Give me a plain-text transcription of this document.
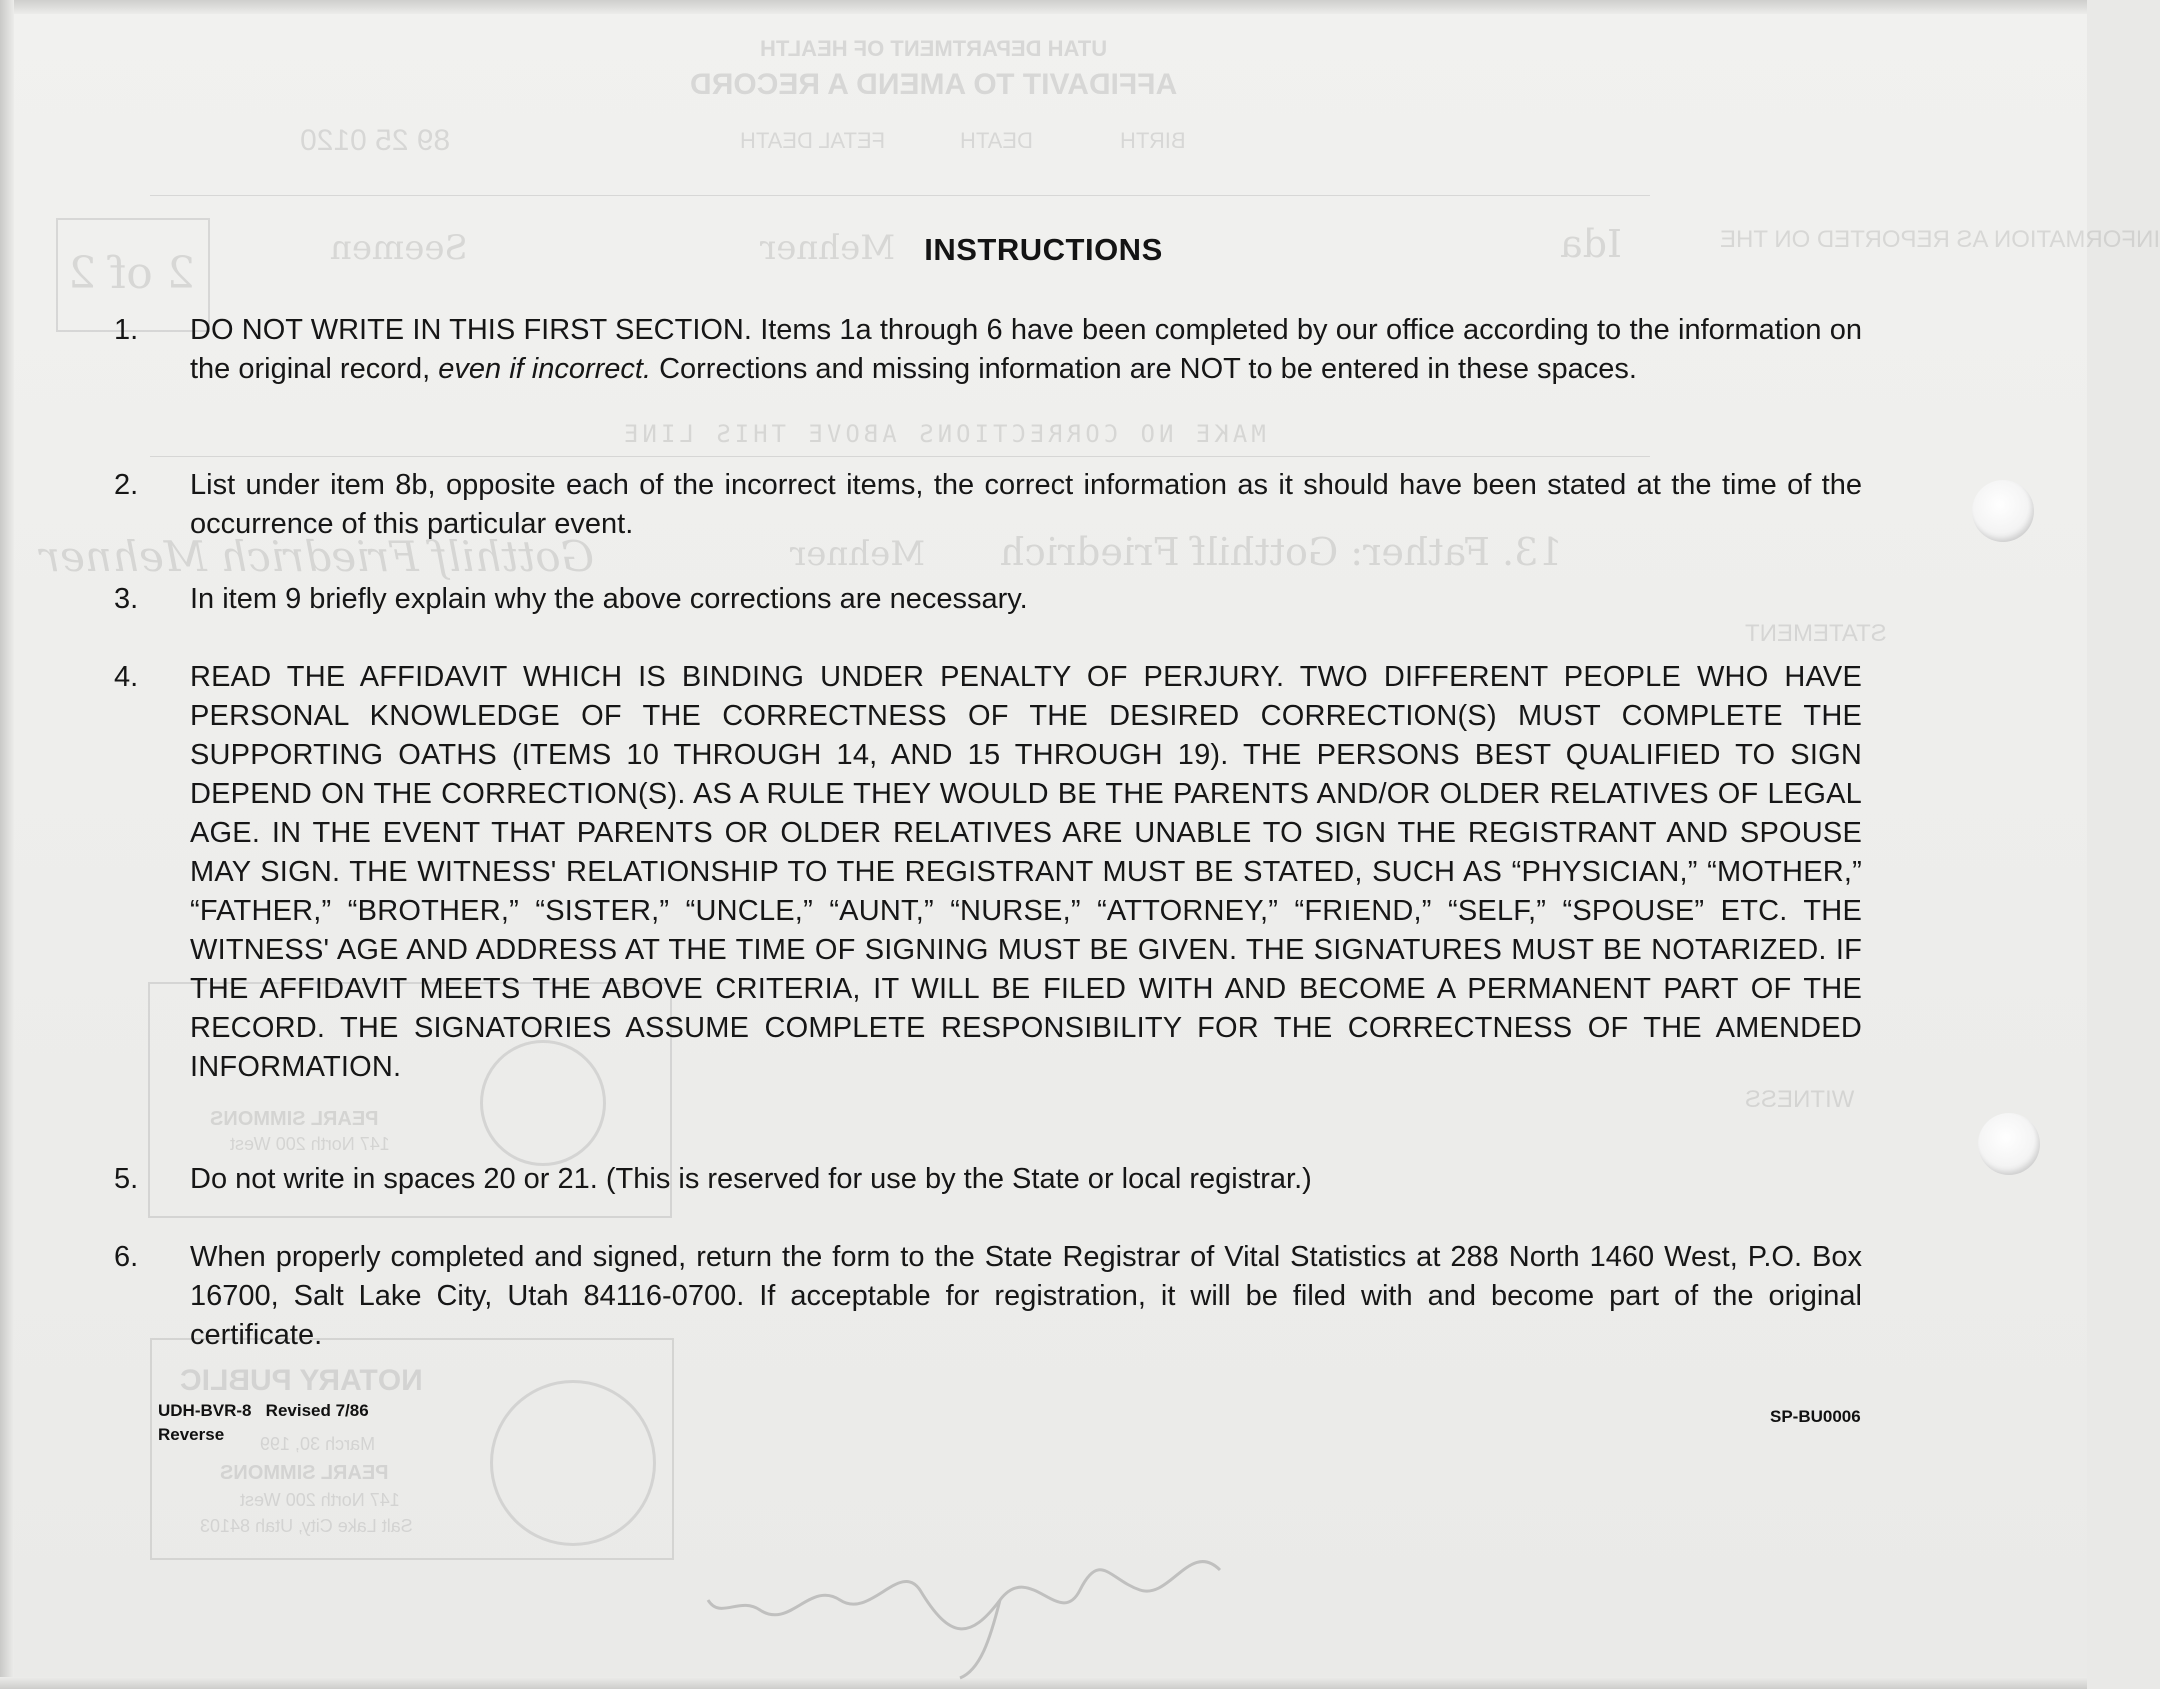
UTAH DEPARTMENT OF HEALTH
AFFIDAVIT TO AMEND A RECORD
2 of 2
89 25 0120	FETAL DEATH	DEATH	BIRTH
Seemen	Mehner	Ida	INFORMATION AS REPORTED ON THE
MAKE NO CORRECTIONS ABOVE THIS LINE
Gotthilf Friedrich Mehner	Mehner 13. Father: Gotthilf Friedrich
STATEMENT
WITNESS
PEARL SIMMONS
147 North 200 West
NOTARY PUBLIC
March 30, 199
PEARL SIMMONS
147 North 200 West
Salt Lake City, Utah 84103
INSTRUCTIONS
1. DO NOT WRITE IN THIS FIRST SECTION. Items 1a through 6 have been completed by our office according to the information on the original record, even if incorrect. Corrections and missing information are NOT to be entered in these spaces.
2. List under item 8b, opposite each of the incorrect items, the correct information as it should have been stated at the time of the occurrence of this particular event.
3. In item 9 briefly explain why the above corrections are necessary.
4. READ THE AFFIDAVIT WHICH IS BINDING UNDER PENALTY OF PERJURY. TWO DIFFERENT PEOPLE WHO HAVE PERSONAL KNOWLEDGE OF THE CORRECTNESS OF THE DESIRED CORRECTION(S) MUST COMPLETE THE SUPPORTING OATHS (ITEMS 10 THROUGH 14, AND 15 THROUGH 19). THE PERSONS BEST QUALIFIED TO SIGN DEPEND ON THE CORRECTION(S). AS A RULE THEY WOULD BE THE PARENTS AND/OR OLDER RELATIVES OF LEGAL AGE. IN THE EVENT THAT PARENTS OR OLDER RELATIVES ARE UNABLE TO SIGN THE REGISTRANT AND SPOUSE MAY SIGN. THE WITNESS' RELATIONSHIP TO THE REGISTRANT MUST BE STATED, SUCH AS “PHYSICIAN,” “MOTHER,” “FATHER,” “BROTHER,” “SISTER,” “UNCLE,” “AUNT,” “NURSE,” “ATTORNEY,” “FRIEND,” “SELF,” “SPOUSE” ETC. THE WITNESS' AGE AND ADDRESS AT THE TIME OF SIGNING MUST BE GIVEN. THE SIGNATURES MUST BE NOTARIZED. IF THE AFFIDAVIT MEETS THE ABOVE CRITERIA, IT WILL BE FILED WITH AND BECOME A PERMANENT PART OF THE RECORD. THE SIGNATORIES ASSUME COMPLETE RESPONSIBILITY FOR THE CORRECTNESS OF THE AMENDED INFORMATION.
5. Do not write in spaces 20 or 21. (This is reserved for use by the State or local registrar.)
6. When properly completed and signed, return the form to the State Registrar of Vital Statistics at 288 North 1460 West, P.O. Box 16700, Salt Lake City, Utah 84116-0700. If acceptable for registration, it will be filed with and become part of the original certificate.
UDH-BVR-8   Revised 7/86
Reverse
SP-BU0006
